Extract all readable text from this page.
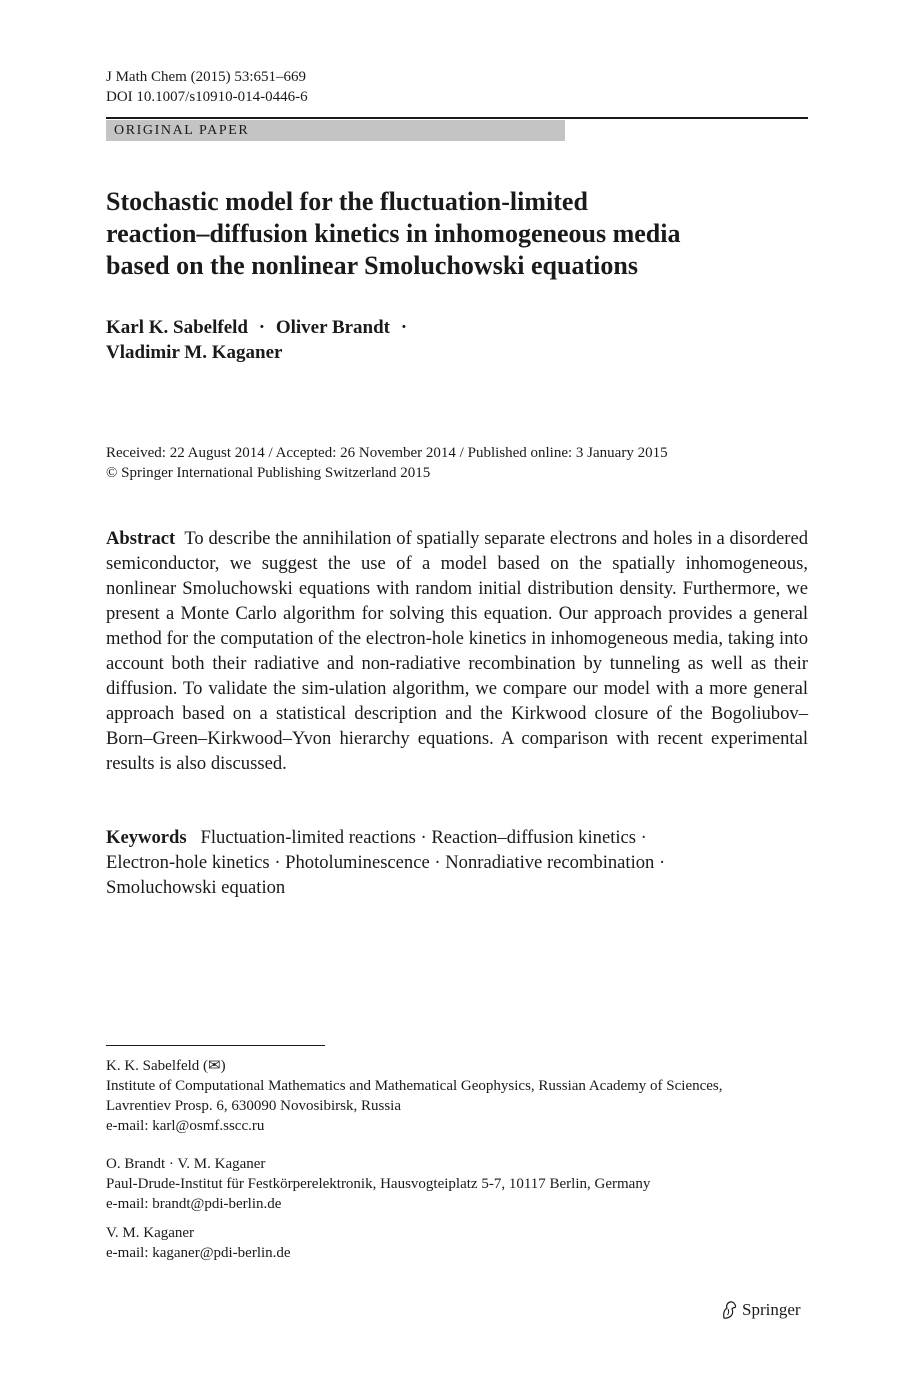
J Math Chem (2015) 53:651–669
DOI 10.1007/s10910-014-0446-6
ORIGINAL PAPER
Stochastic model for the fluctuation-limited
reaction–diffusion kinetics in inhomogeneous media
based on the nonlinear Smoluchowski equations
Karl K. Sabelfeld · Oliver Brandt ·
Vladimir M. Kaganer
Received: 22 August 2014 / Accepted: 26 November 2014 / Published online: 3 January 2015
© Springer International Publishing Switzerland 2015
Abstract To describe the annihilation of spatially separate electrons and holes in a disordered semiconductor, we suggest the use of a model based on the spatially inhomogeneous, nonlinear Smoluchowski equations with random initial distribution density. Furthermore, we present a Monte Carlo algorithm for solving this equation. Our approach provides a general method for the computation of the electron-hole kinetics in inhomogeneous media, taking into account both their radiative and non-radiative recombination by tunneling as well as their diffusion. To validate the sim-ulation algorithm, we compare our model with a more general approach based on a statistical description and the Kirkwood closure of the Bogoliubov–Born–Green–Kirkwood–Yvon hierarchy equations. A comparison with recent experimental results is also discussed.
Keywords Fluctuation-limited reactions · Reaction–diffusion kinetics ·
Electron-hole kinetics · Photoluminescence · Nonradiative recombination ·
Smoluchowski equation
K. K. Sabelfeld (✉)
Institute of Computational Mathematics and Mathematical Geophysics, Russian Academy of Sciences,
Lavrentiev Prosp. 6, 630090 Novosibirsk, Russia
e-mail: karl@osmf.sscc.ru
O. Brandt · V. M. Kaganer
Paul-Drude-Institut für Festkörperelektronik, Hausvogteiplatz 5-7, 10117 Berlin, Germany
e-mail: brandt@pdi-berlin.de
V. M. Kaganer
e-mail: kaganer@pdi-berlin.de
Springer
